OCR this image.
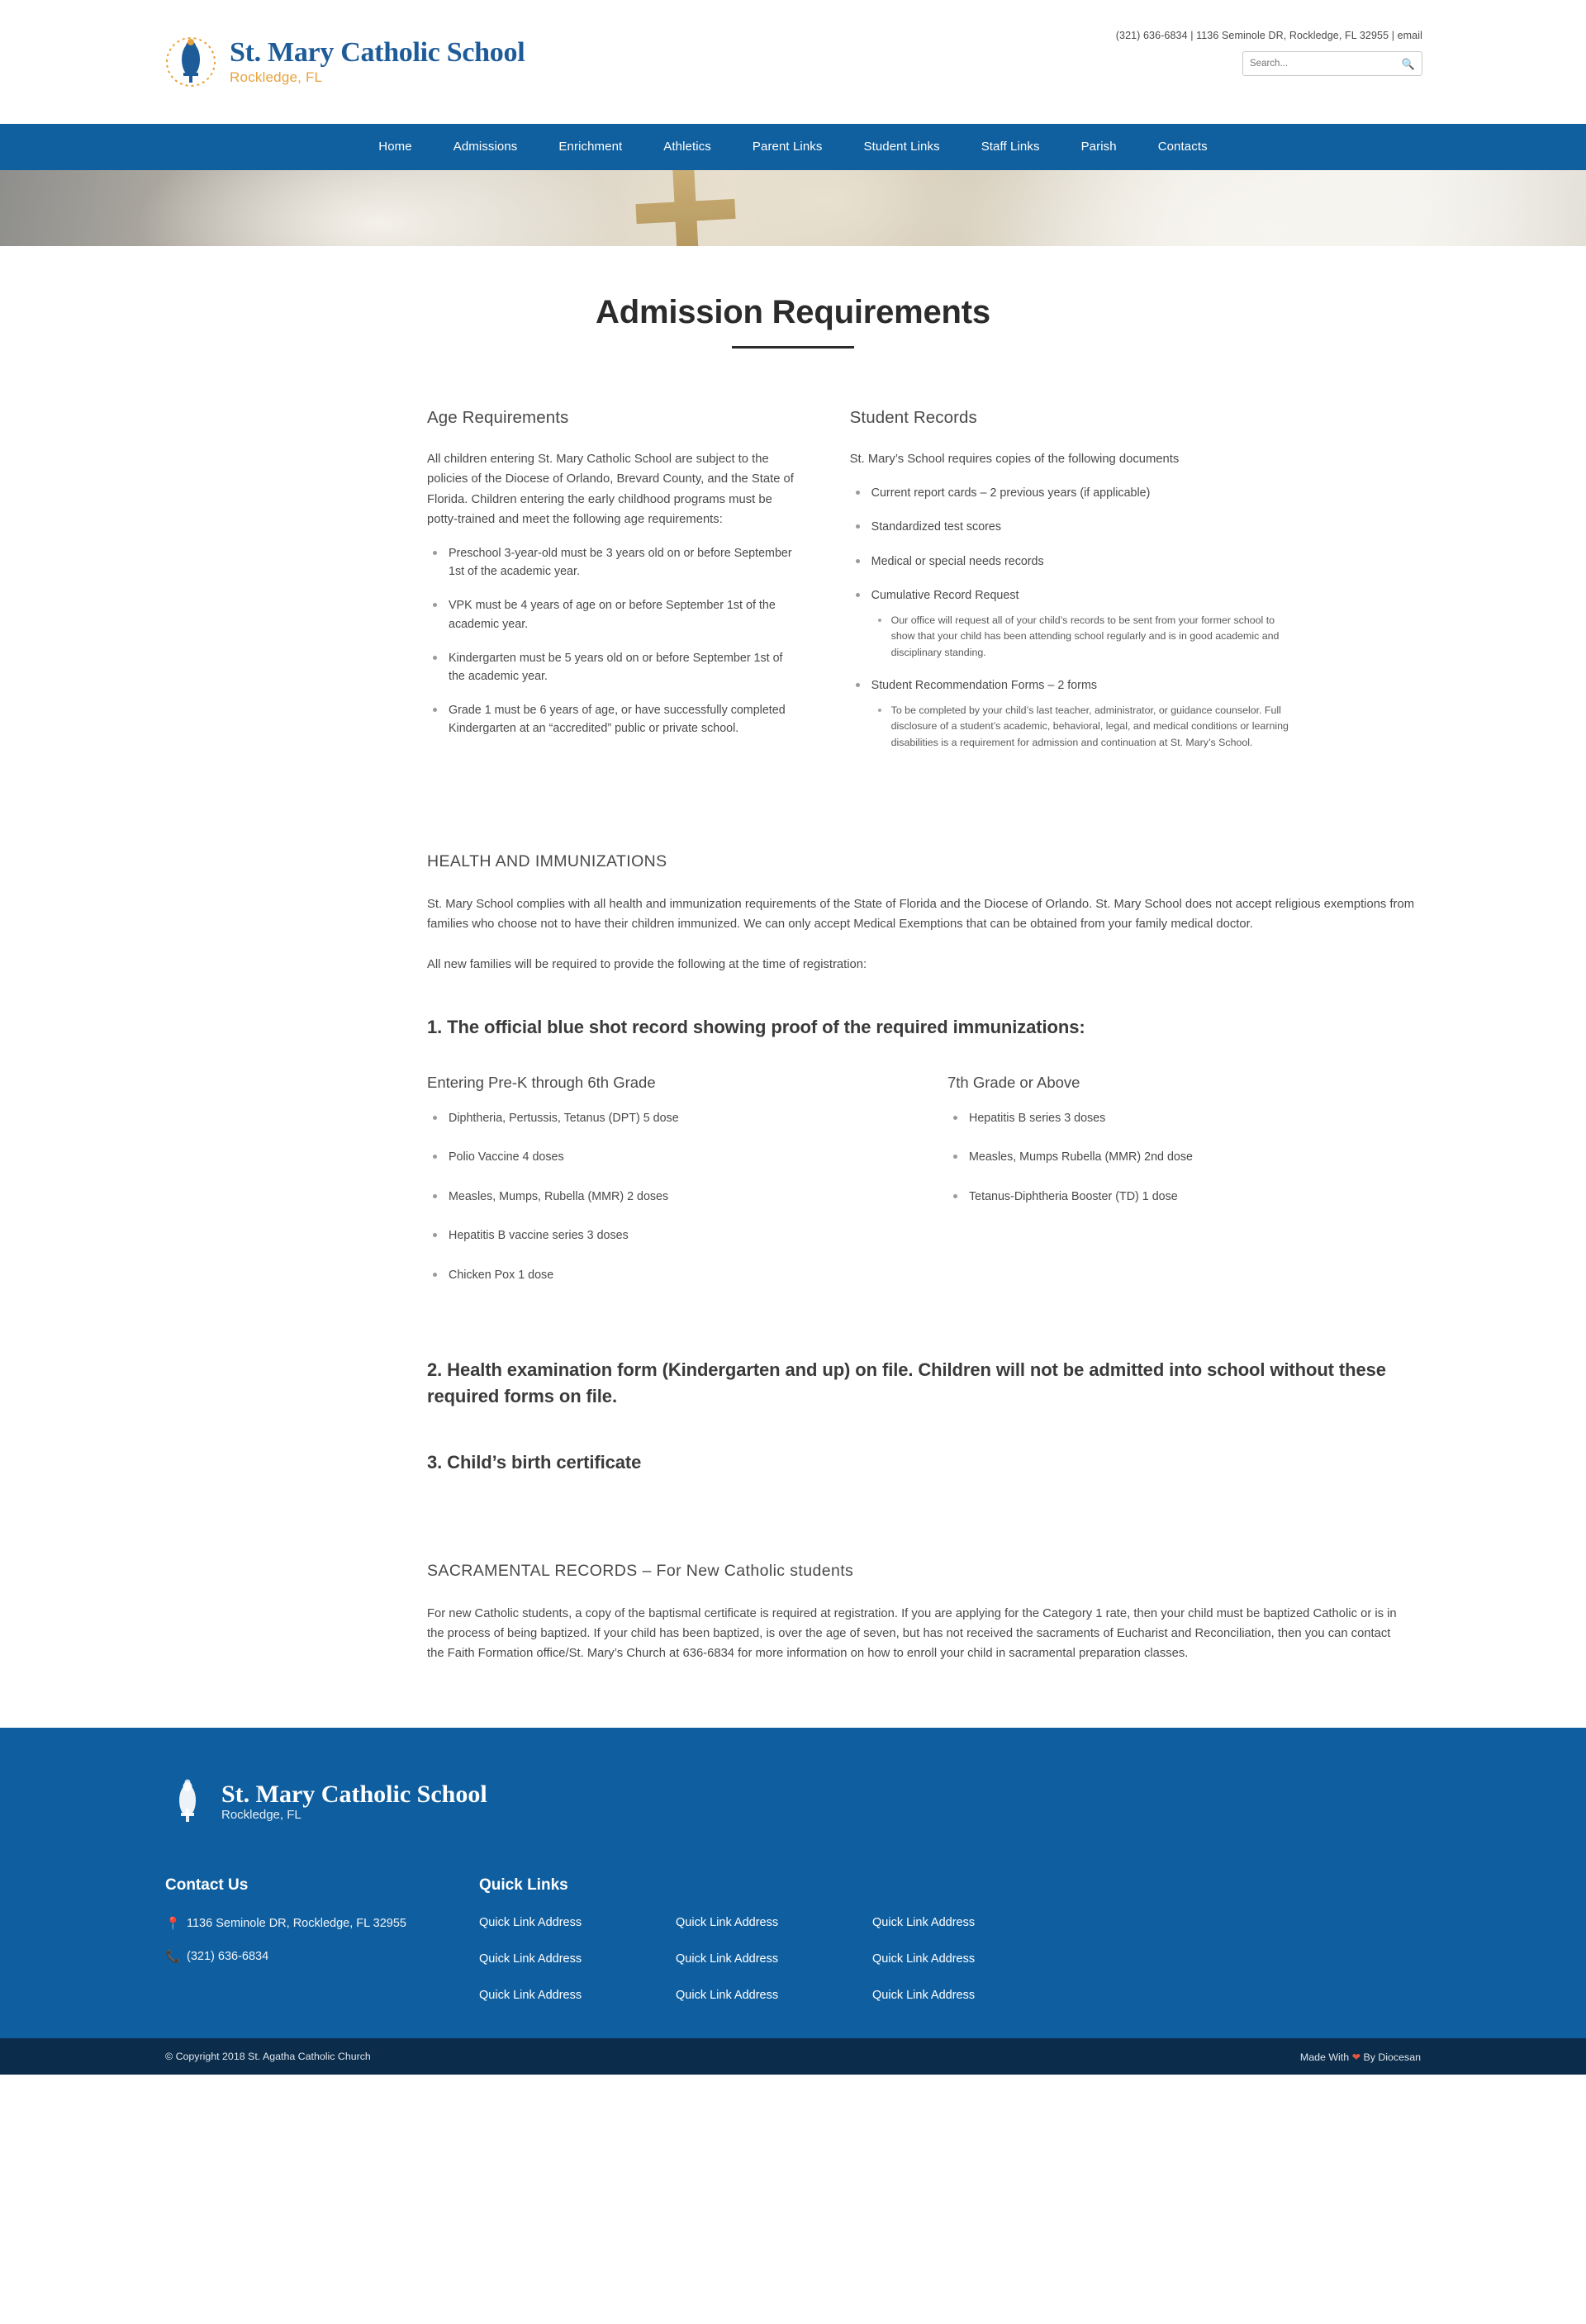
St. Mary Catholic School
Rockledge, FL
(321) 636-6834 | 1136 Seminole DR, Rockledge, FL 32955 | email
Search...
🔍
Home	Admissions	Enrichment	Athletics	Parent Links	Student Links	Staff Links	Parish	Contacts
Admission Requirements
Age Requirements

All children entering St. Mary Catholic School are subject to the policies of the Diocese of Orlando, Brevard County, and the State of Florida. Children entering the early childhood programs must be potty-trained and meet the following age requirements:

Preschool 3-year-old must be 3 years old on or before September 1st of the academic year.
VPK must be 4 years of age on or before September 1st of the academic year.
Kindergarten must be 5 years old on or before September 1st of the academic year.
Grade 1 must be 6 years of age, or have successfully completed Kindergarten at an “accredited” public or private school.
Student Records

St. Mary’s School requires copies of the following documents

Current report cards – 2 previous years (if applicable)
Standardized test scores
Medical or special needs records
Cumulative Record Request
Our office will request all of your child’s records to be sent from your former school to show that your child has been attending school regularly and is in good academic and disciplinary standing.
Student Recommendation Forms – 2 forms
To be completed by your child’s last teacher, administrator, or guidance counselor. Full disclosure of a student’s academic, behavioral, legal, and medical conditions or learning disabilities is a requirement for admission and continuation at St. Mary’s School.
HEALTH AND IMMUNIZATIONS

St. Mary School complies with all health and immunization requirements of the State of Florida and the Diocese of Orlando. St. Mary School does not accept religious exemptions from families who choose not to have their children immunized. We can only accept Medical Exemptions that can be obtained from your family medical doctor.

All new families will be required to provide the following at the time of registration:

1. The official blue shot record showing proof of the required immunizations:
Entering Pre-K through 6th Grade
Diphtheria, Pertussis, Tetanus (DPT) 5 dose
Polio Vaccine 4 doses
Measles, Mumps, Rubella (MMR) 2 doses
Hepatitis B vaccine series 3 doses
Chicken Pox 1 dose
7th Grade or Above
Hepatitis B series 3 doses
Measles, Mumps Rubella (MMR) 2nd dose
Tetanus-Diphtheria Booster (TD) 1 dose
2. Health examination form (Kindergarten and up) on file. Children will not be admitted into school without these required forms on file.
3. Child’s birth certificate
SACRAMENTAL RECORDS – For New Catholic students

For new Catholic students, a copy of the baptismal certificate is required at registration. If you are applying for the Category 1 rate, then your child must be baptized Catholic or is in the process of being baptized. If your child has been baptized, is over the age of seven, but has not received the sacraments of Eucharist and Reconciliation, then you can contact the Faith Formation office/St. Mary’s Church at 636-6834 for more information on how to enroll your child in sacramental preparation classes.

St. Mary Catholic School
Rockledge, FL
Contact Us
📍 1136 Seminole DR, Rockledge, FL 32955
📞 (321) 636-6834
Quick Links
Quick Link Address	Quick Link Address	Quick Link Address
Quick Link Address	Quick Link Address	Quick Link Address
Quick Link Address	Quick Link Address	Quick Link Address
© Copyright 2018 St. Agatha Catholic Church	Made With ❤ By Diocesan
